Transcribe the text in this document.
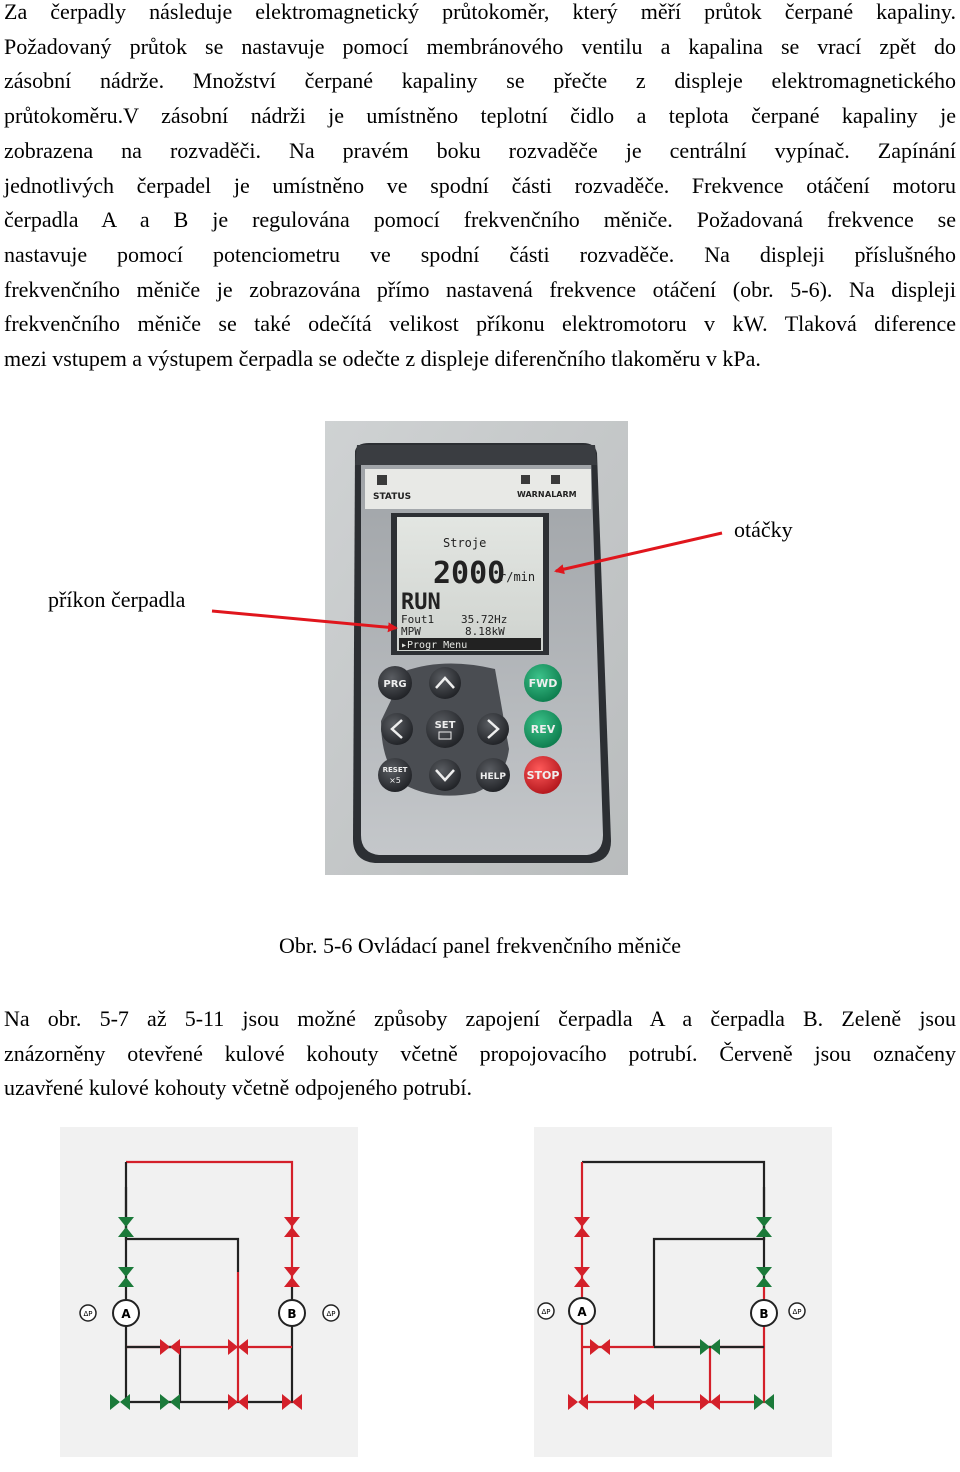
Za čerpadly následuje elektromagnetický průtokoměr, který měří průtok čerpané kapaliny.
Požadovaný průtok se nastavuje pomocí membránového ventilu a kapalina se vrací zpět do
zásobní nádrže. Množství čerpané kapaliny se přečte z displeje elektromagnetického
průtokoměru.V zásobní nádrži je umístněno teplotní čidlo a teplota čerpané kapaliny je
zobrazena na rozvaděči. Na pravém boku rozvaděče je centrální vypínač. Zapínání
jednotlivých čerpadel je umístněno ve spodní části rozvaděče. Frekvence otáčení motoru
čerpadla A a B je regulována pomocí frekvenčního měniče. Požadovaná frekvence se
nastavuje pomocí potenciometru ve spodní části rozvaděče. Na displeji příslušného
frekvenčního měniče je zobrazována přímo nastavená frekvence otáčení (obr. 5-6). Na displeji
frekvenčního měniče se také odečítá velikost příkonu elektromotoru v kW. Tlaková diference
mezi vstupem a výstupem čerpadla se odečte z displeje diferenčního tlakoměru v kPa.
STATUS	WARN.
ALARM
Stroje
2000
r/min
RUN
Fout1 35.72Hz
MPW	8.18kW
▸Progr Menu
PRG	FWD
REV
STOP
RESET
×5	HELP
SET
otáčky
příkon čerpadla
Obr. 5-6 Ovládací panel frekvenčního měniče
Na obr. 5-7 až 5-11 jsou možné způsoby zapojení čerpadla A a čerpadla B. Zeleně jsou
znázorněny otevřené kulové kohouty včetně propojovacího potrubí. Červeně jsou označeny
uzavřené kulové kohouty včetně odpojeného potrubí.
A
ΔP	B	ΔP	A
ΔP	B	ΔP
